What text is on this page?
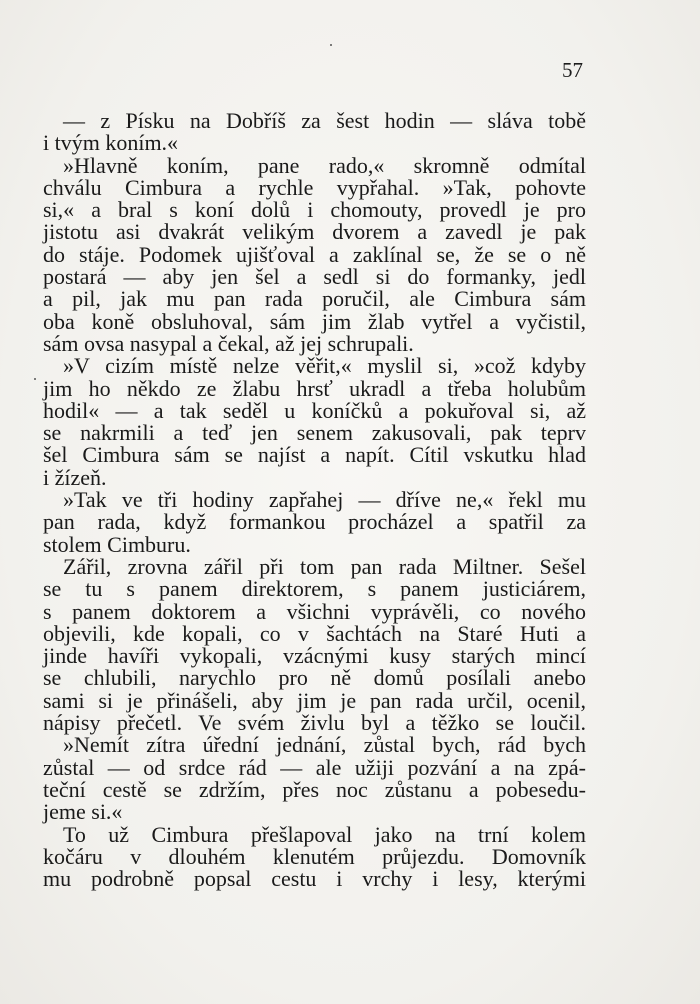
57
— z Písku na Dobříš za šest hodin — sláva tobě
i tvým koním.«
»Hlavně koním, pane rado,« skromně odmítal
chválu Cimbura a rychle vypřahal. »Tak, pohovte
si,« a bral s koní dolů i chomouty, provedl je pro
jistotu asi dvakrát velikým dvorem a zavedl je pak
do stáje. Podomek ujišťoval a zaklínal se, že se o ně
postará — aby jen šel a sedl si do formanky, jedl
a pil, jak mu pan rada poručil, ale Cimbura sám
oba koně obsluhoval, sám jim žlab vytřel a vyčistil,
sám ovsa nasypal a čekal, až jej schrupali.
»V cizím místě nelze věřit,« myslil si, »což kdyby
jim ho někdo ze žlabu hrsť ukradl a třeba holubům
hodil« — a tak seděl u koníčků a pokuřoval si, až
se nakrmili a teď jen senem zakusovali, pak teprv
šel Cimbura sám se najíst a napít. Cítil vskutku hlad
i žízeň.
»Tak ve tři hodiny zapřahej — dříve ne,« řekl mu
pan rada, když formankou procházel a spatřil za
stolem Cimburu.
Zářil, zrovna zářil při tom pan rada Miltner. Sešel
se tu s panem direktorem, s panem justiciárem,
s panem doktorem a všichni vyprávěli, co nového
objevili, kde kopali, co v šachtách na Staré Huti a
jinde havíři vykopali, vzácnými kusy starých mincí
se chlubili, narychlo pro ně domů posílali anebo
sami si je přinášeli, aby jim je pan rada určil, ocenil,
nápisy přečetl. Ve svém živlu byl a těžko se loučil.
»Nemít zítra úřední jednání, zůstal bych, rád bych
zůstal — od srdce rád — ale užiji pozvání a na zpá-
teční cestě se zdržím, přes noc zůstanu a pobesedu-
jeme si.«
To už Cimbura přešlapoval jako na trní kolem
kočáru v dlouhém klenutém průjezdu. Domovník
mu podrobně popsal cestu i vrchy i lesy, kterými
